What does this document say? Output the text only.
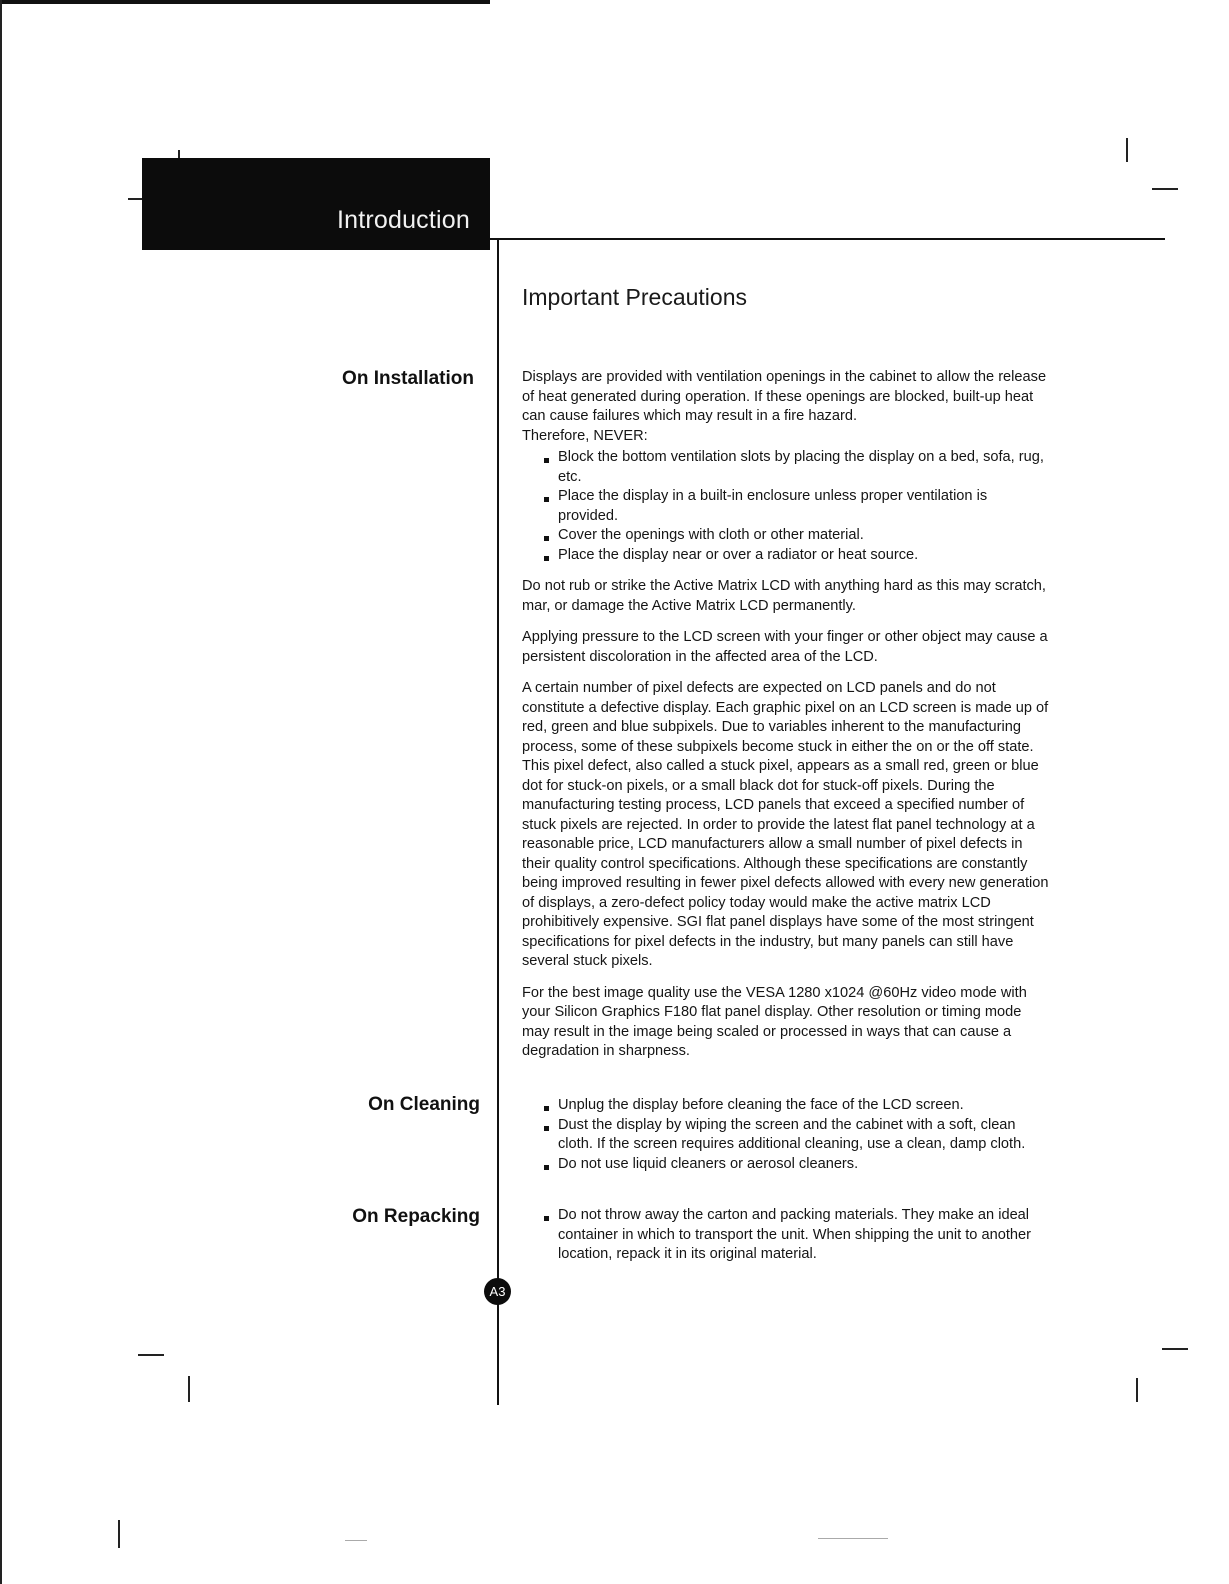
Introduction
Important Precautions
On Installation
On Cleaning
On Repacking
Displays are provided with ventilation openings in the cabinet to allow the release of heat generated during operation. If these openings are blocked, built-up heat can cause failures which may result in a fire hazard.
Therefore, NEVER:
Block the bottom ventilation slots by placing the display on a bed, sofa, rug, etc.
Place the display in a built-in enclosure unless proper ventilation is provided.
Cover the openings with cloth or other material.
Place the display near or over a radiator or heat source.

Do not rub or strike the Active Matrix LCD with anything hard as this may scratch, mar, or damage the Active Matrix LCD permanently.

Applying pressure to the LCD screen with your finger or other object may cause a persistent discoloration in the affected area of the LCD.

A certain number of pixel defects are expected on LCD panels and do not constitute a defective display. Each graphic pixel on an LCD screen is made up of red, green and blue subpixels. Due to variables inherent to the manufacturing process, some of these subpixels become stuck in either the on or the off state. This pixel defect, also called a stuck pixel, appears as a small red, green or blue dot for stuck-on pixels, or a small black dot for stuck-off pixels. During the manufacturing testing process, LCD panels that exceed a specified number of stuck pixels are rejected. In order to provide the latest flat panel technology at a reasonable price, LCD manufacturers allow a small number of pixel defects in their quality control specifications. Although these specifications are constantly being improved resulting in fewer pixel defects allowed with every new generation of displays, a zero-defect policy today would make the active matrix LCD prohibitively expensive. SGI flat panel displays have some of the most stringent specifications for pixel defects in the industry, but many panels can still have several stuck pixels.

For the best image quality use the VESA 1280 x1024 @60Hz video mode with your Silicon Graphics F180 flat panel display. Other resolution or timing mode may result in the image being scaled or processed in ways that can cause a degradation in sharpness.

Unplug the display before cleaning the face of the LCD screen.
Dust the display by wiping the screen and the cabinet with a soft, clean cloth. If the screen requires additional cleaning, use a clean, damp cloth.
Do not use liquid cleaners or aerosol cleaners.
Do not throw away the carton and packing materials. They make an ideal container in which to transport the unit. When shipping the unit to another location, repack it in its original material.
A3
